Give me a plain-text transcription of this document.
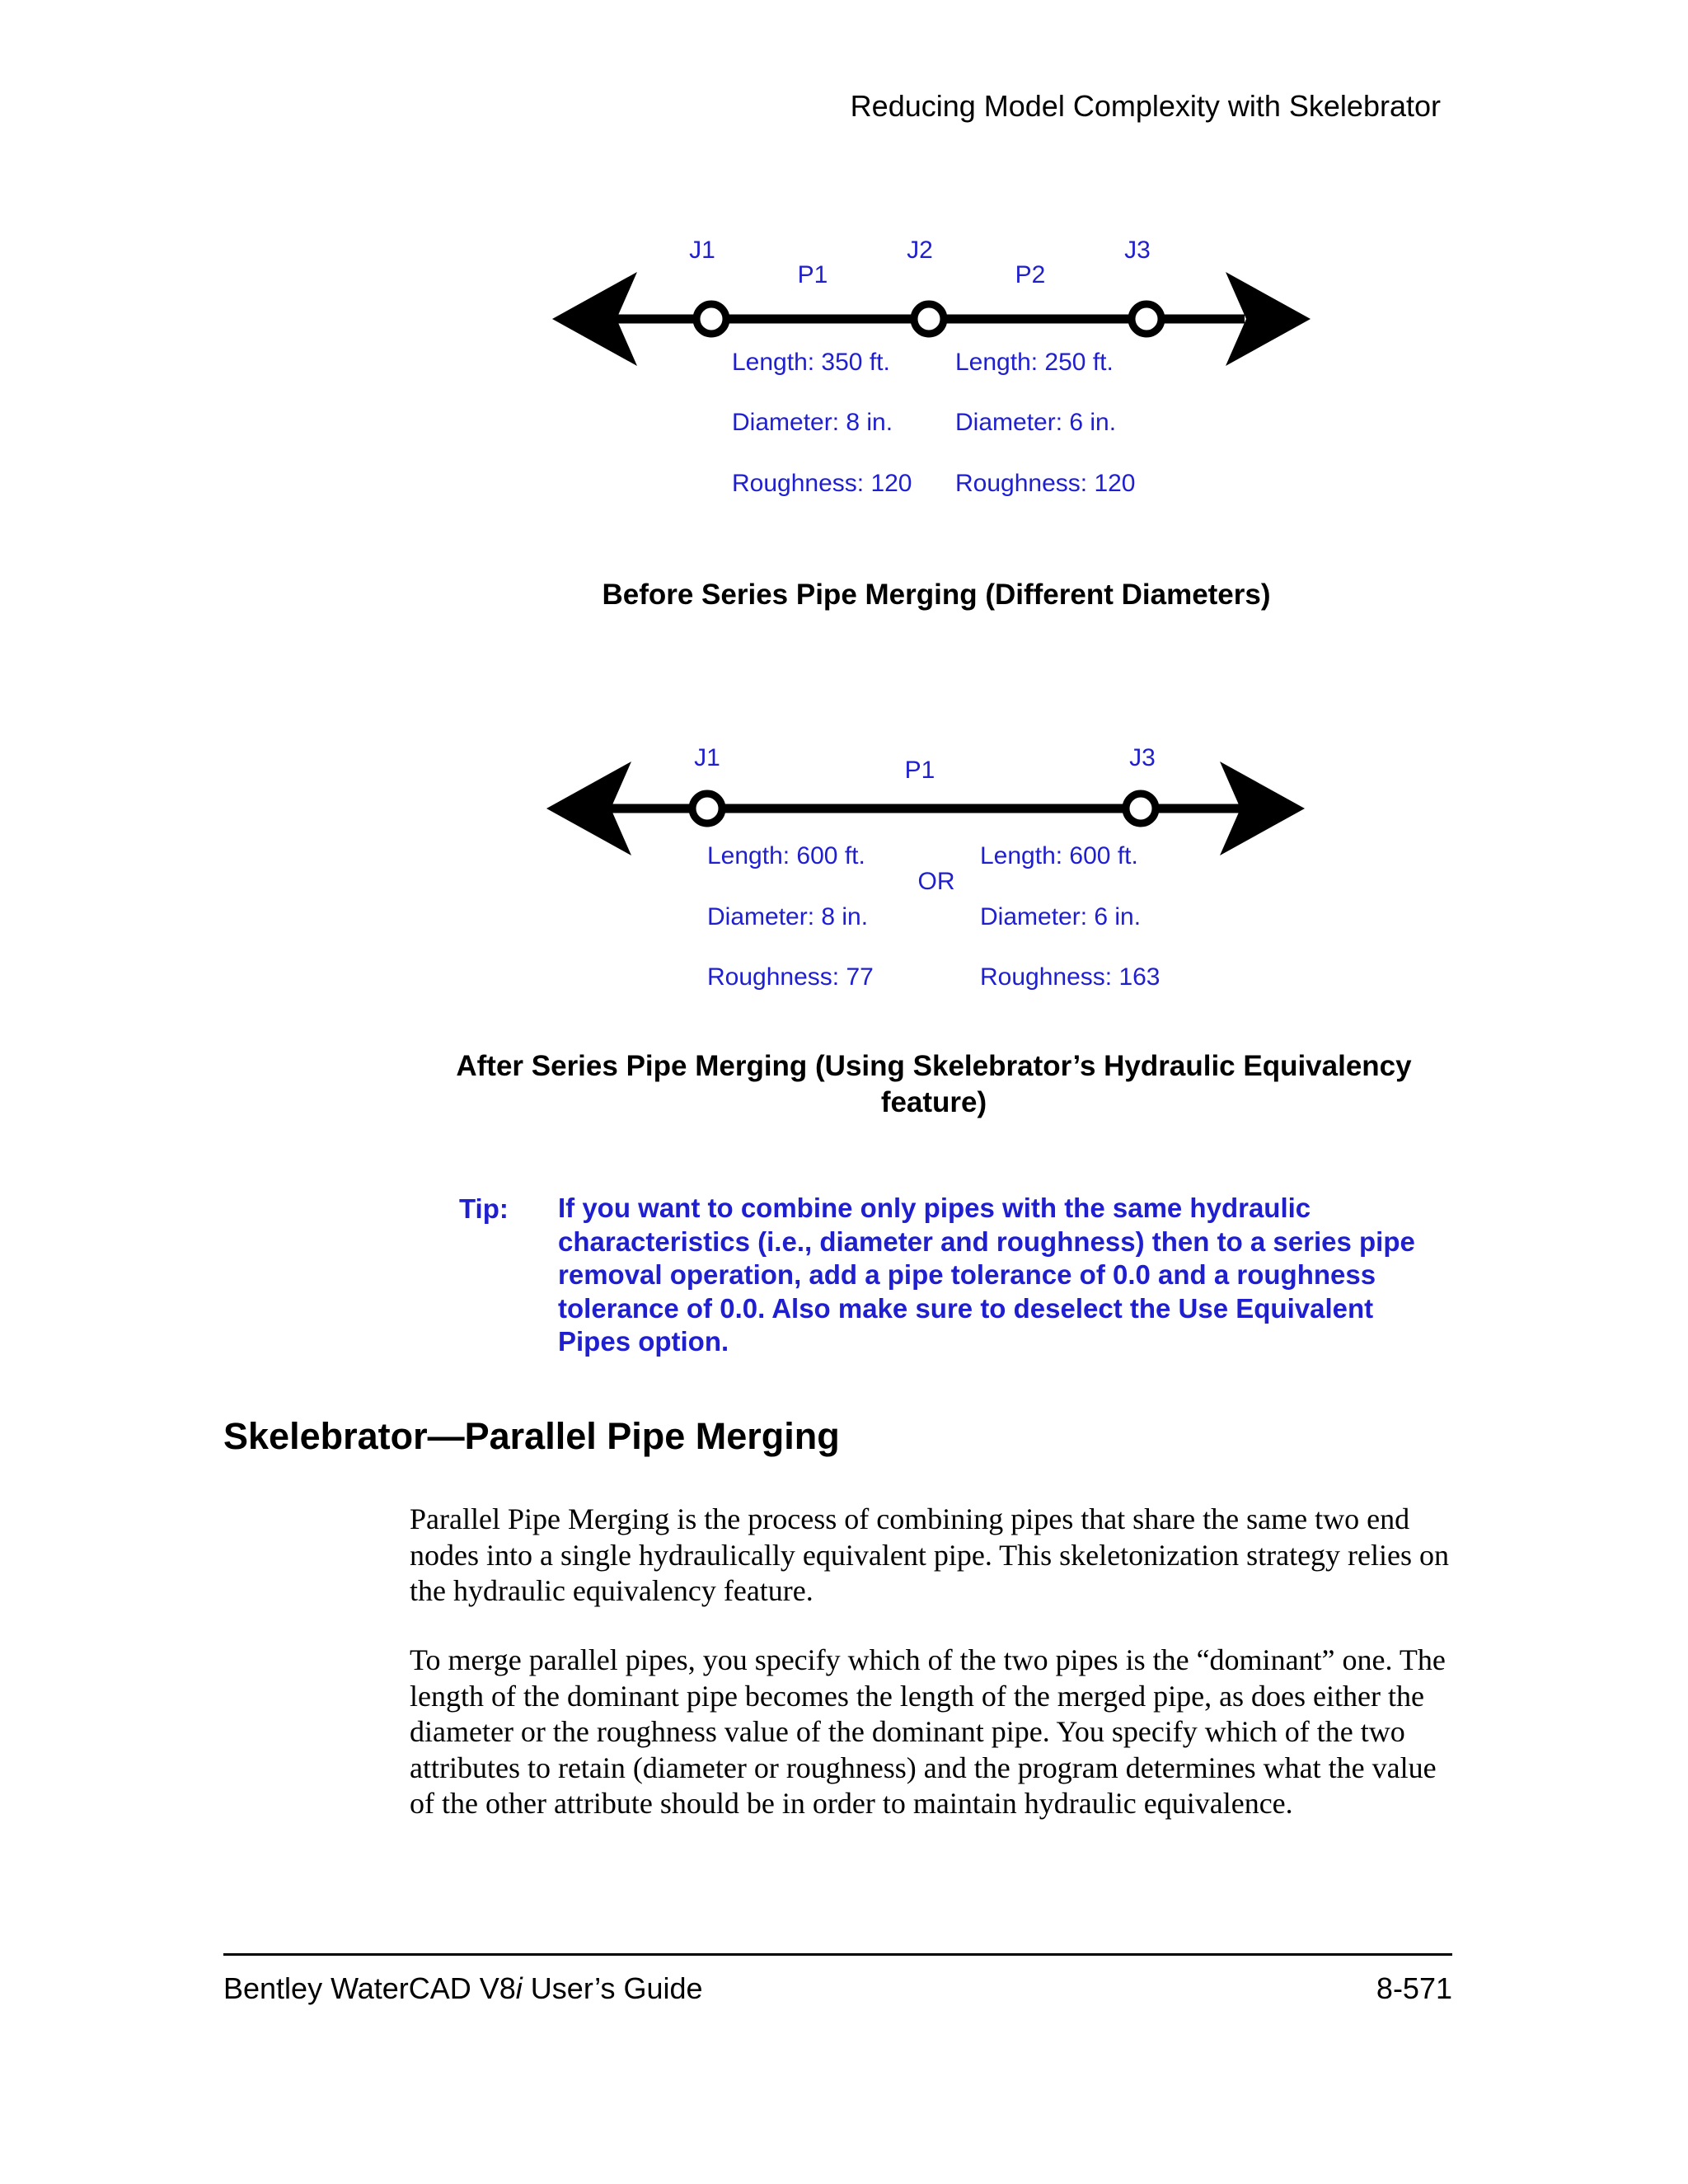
Reducing Model Complexity with Skelebrator
J1	J2	J3
P1	P2
Length: 350 ft.
Diameter: 8 in.
Roughness: 120
Length: 250 ft.
Diameter: 6 in.
Roughness: 120
Before Series Pipe Merging (Different Diameters)
J1	J3
P1
Length: 600 ft.
Diameter: 8 in.
Roughness: 77
OR
Length: 600 ft.
Diameter: 6 in.
Roughness: 163
After Series Pipe Merging (Using Skelebrator’s Hydraulic Equivalency
feature)
Tip: If you want to combine only pipes with the same hydraulic characteristics (i.e., diameter and roughness) then to a series pipe removal operation, add a pipe tolerance of 0.0 and a roughness tolerance of 0.0. Also make sure to deselect the Use Equivalent Pipes option.
Skelebrator—Parallel Pipe Merging

Parallel Pipe Merging is the process of combining pipes that share the same two end nodes into a single hydraulically equivalent pipe. This skeletonization strategy relies on the hydraulic equivalency feature.

To merge parallel pipes, you specify which of the two pipes is the “dominant” one. The length of the dominant pipe becomes the length of the merged pipe, as does either the diameter or the roughness value of the dominant pipe. You specify which of the two attributes to retain (diameter or roughness) and the program determines what the value of the other attribute should be in order to maintain hydraulic equivalence.

Bentley WaterCAD V8i User’s Guide	8-571
